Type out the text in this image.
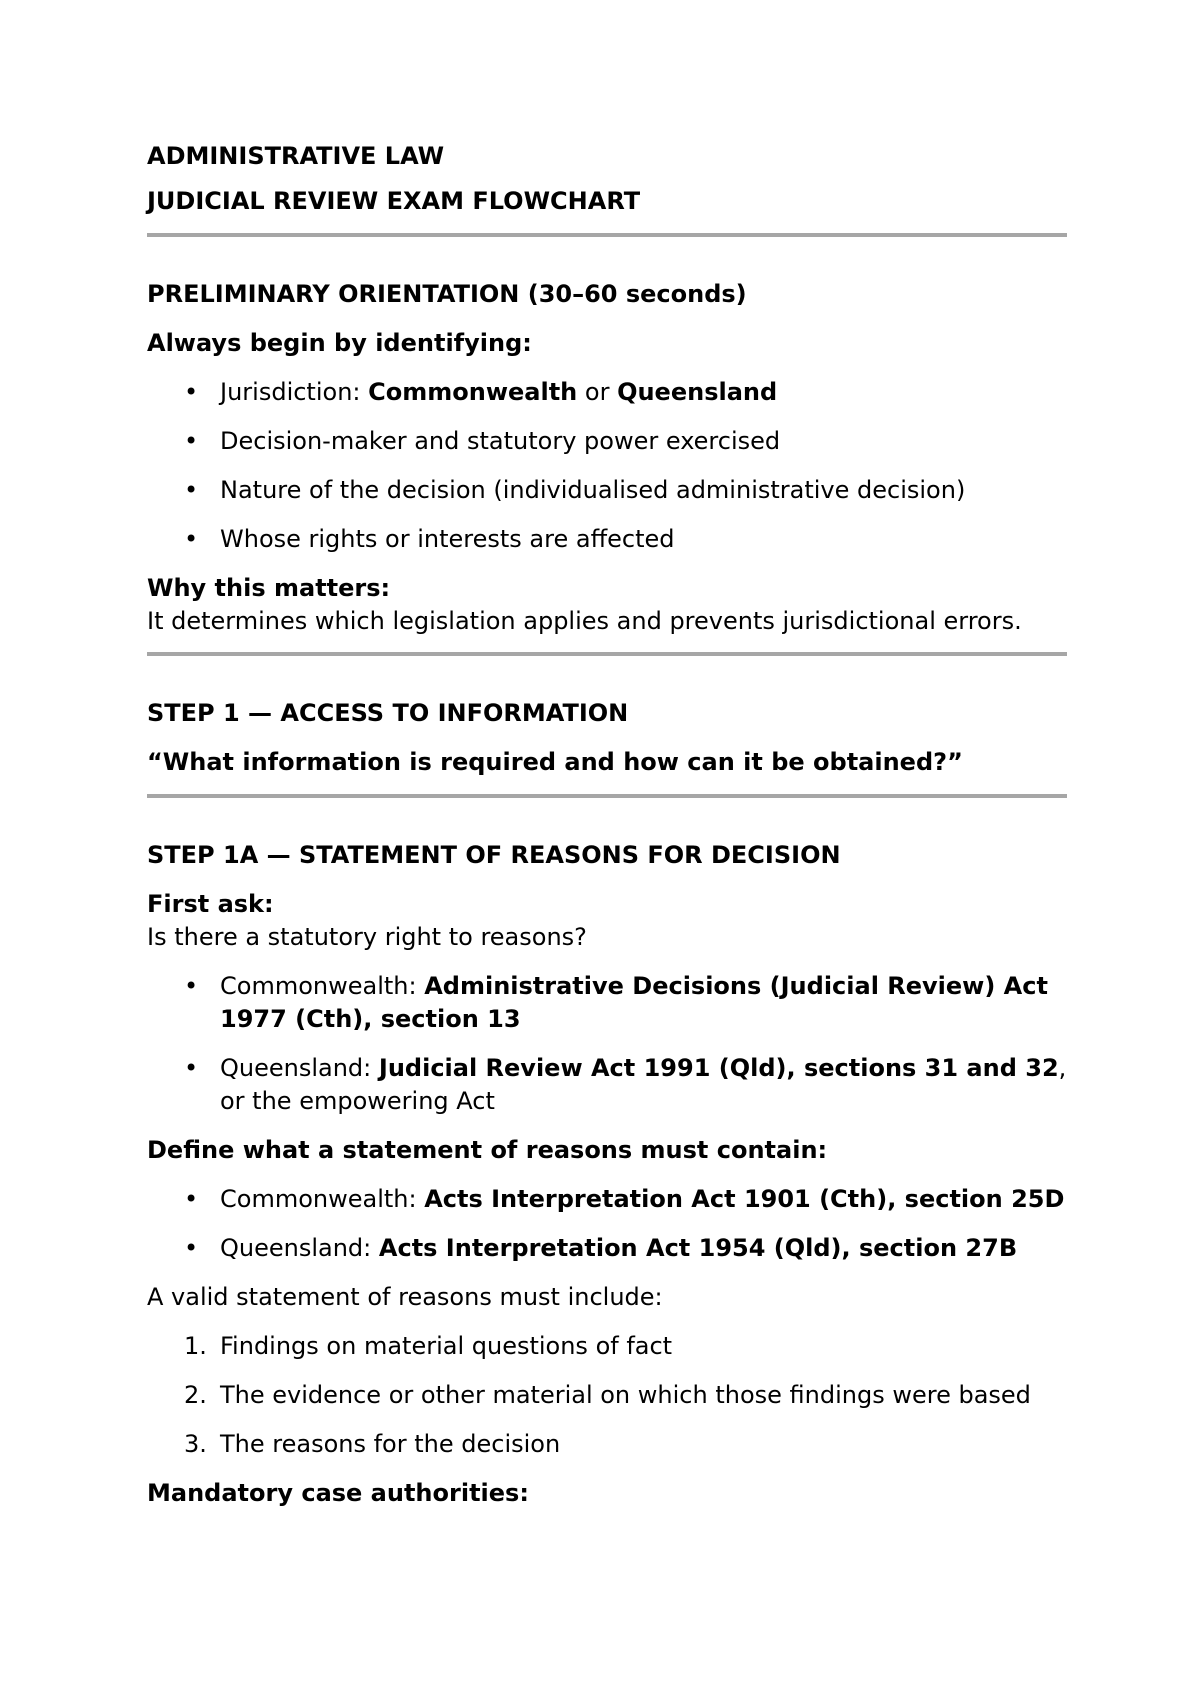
ADMINISTRATIVE LAW

JUDICIAL REVIEW EXAM FLOWCHART

PRELIMINARY ORIENTATION (30–60 seconds)

Always begin by identifying:

• Jurisdiction: Commonwealth or Queensland
• Decision-maker and statutory power exercised
• Nature of the decision (individualised administrative decision)
• Whose rights or interests are affected

Why this matters:

It determines which legislation applies and prevents jurisdictional errors.

STEP 1 — ACCESS TO INFORMATION

“What information is required and how can it be obtained?”

STEP 1A — STATEMENT OF REASONS FOR DECISION

First ask:

Is there a statutory right to reasons?

• Commonwealth: Administrative Decisions (Judicial Review) Act 1977 (Cth), section 13
• Queensland: Judicial Review Act 1991 (Qld), sections 31 and 32, or the empowering Act

Define what a statement of reasons must contain:

• Commonwealth: Acts Interpretation Act 1901 (Cth), section 25D
• Queensland: Acts Interpretation Act 1954 (Qld), section 27B

A valid statement of reasons must include:

1. Findings on material questions of fact
2. The evidence or other material on which those findings were based
3. The reasons for the decision

Mandatory case authorities:
